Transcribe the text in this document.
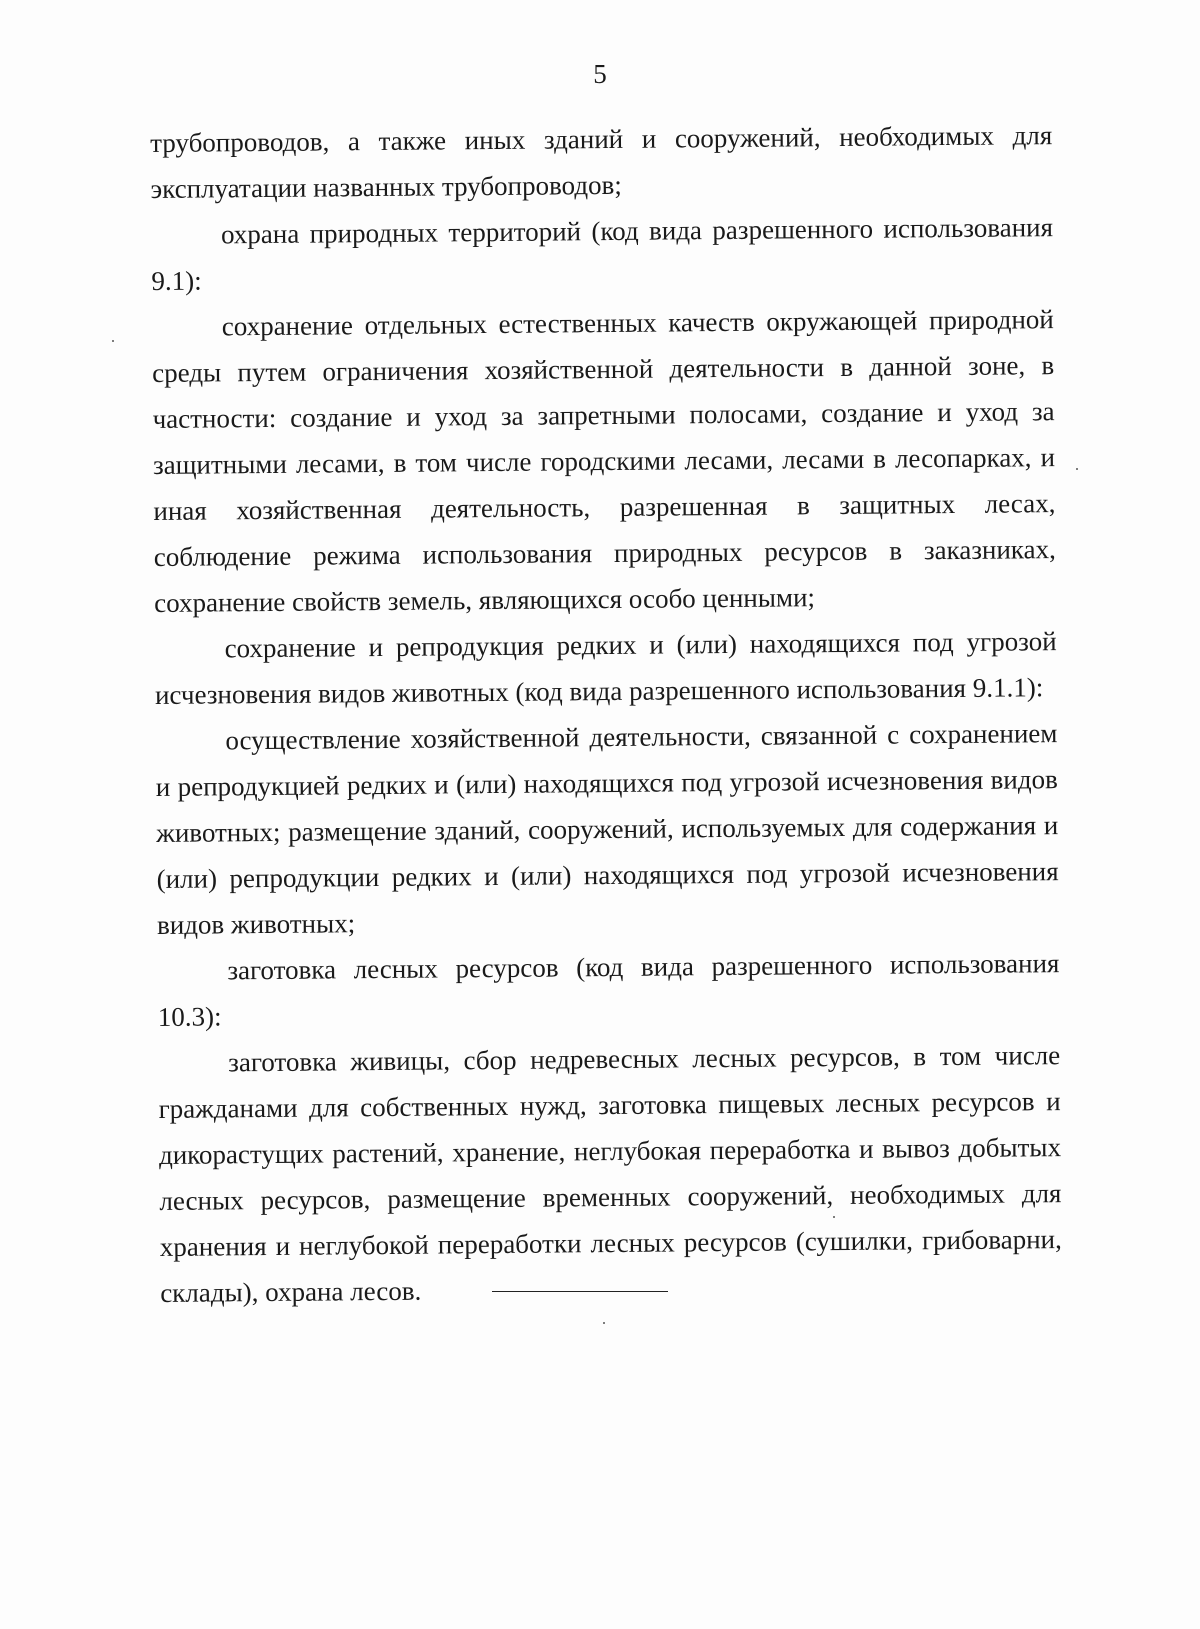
5

трубопроводов, а также иных зданий и сооружений, необходимых для эксплуатации названных трубопроводов;

охрана природных территорий (код вида разрешенного использования 9.1):

сохранение отдельных естественных качеств окружающей природной среды путем ограничения хозяйственной деятельности в данной зоне, в частности: создание и уход за запретными полосами, создание и уход за защитными лесами, в том числе городскими лесами, лесами в лесопарках, и иная хозяйственная деятельность, разрешенная в защитных лесах, соблюдение режима использования природных ресурсов в заказниках, сохранение свойств земель, являющихся особо ценными;

сохранение и репродукция редких и (или) находящихся под угрозой исчезновения видов животных (код вида разрешенного использования 9.1.1):

осуществление хозяйственной деятельности, связанной с сохранением и репродукцией редких и (или) находящихся под угрозой исчезновения видов животных; размещение зданий, сооружений, используемых для содержания и (или) репродукции редких и (или) находящихся под угрозой исчезновения видов животных;

заготовка лесных ресурсов (код вида разрешенного использования 10.3):

заготовка живицы, сбор недревесных лесных ресурсов, в том числе гражданами для собственных нужд, заготовка пищевых лесных ресурсов и дикорастущих растений, хранение, неглубокая переработка и вывоз добытых лесных ресурсов, размещение временных сооружений, необходимых для хранения и неглубокой переработки лесных ресурсов (сушилки, грибоварни, склады), охрана лесов.
